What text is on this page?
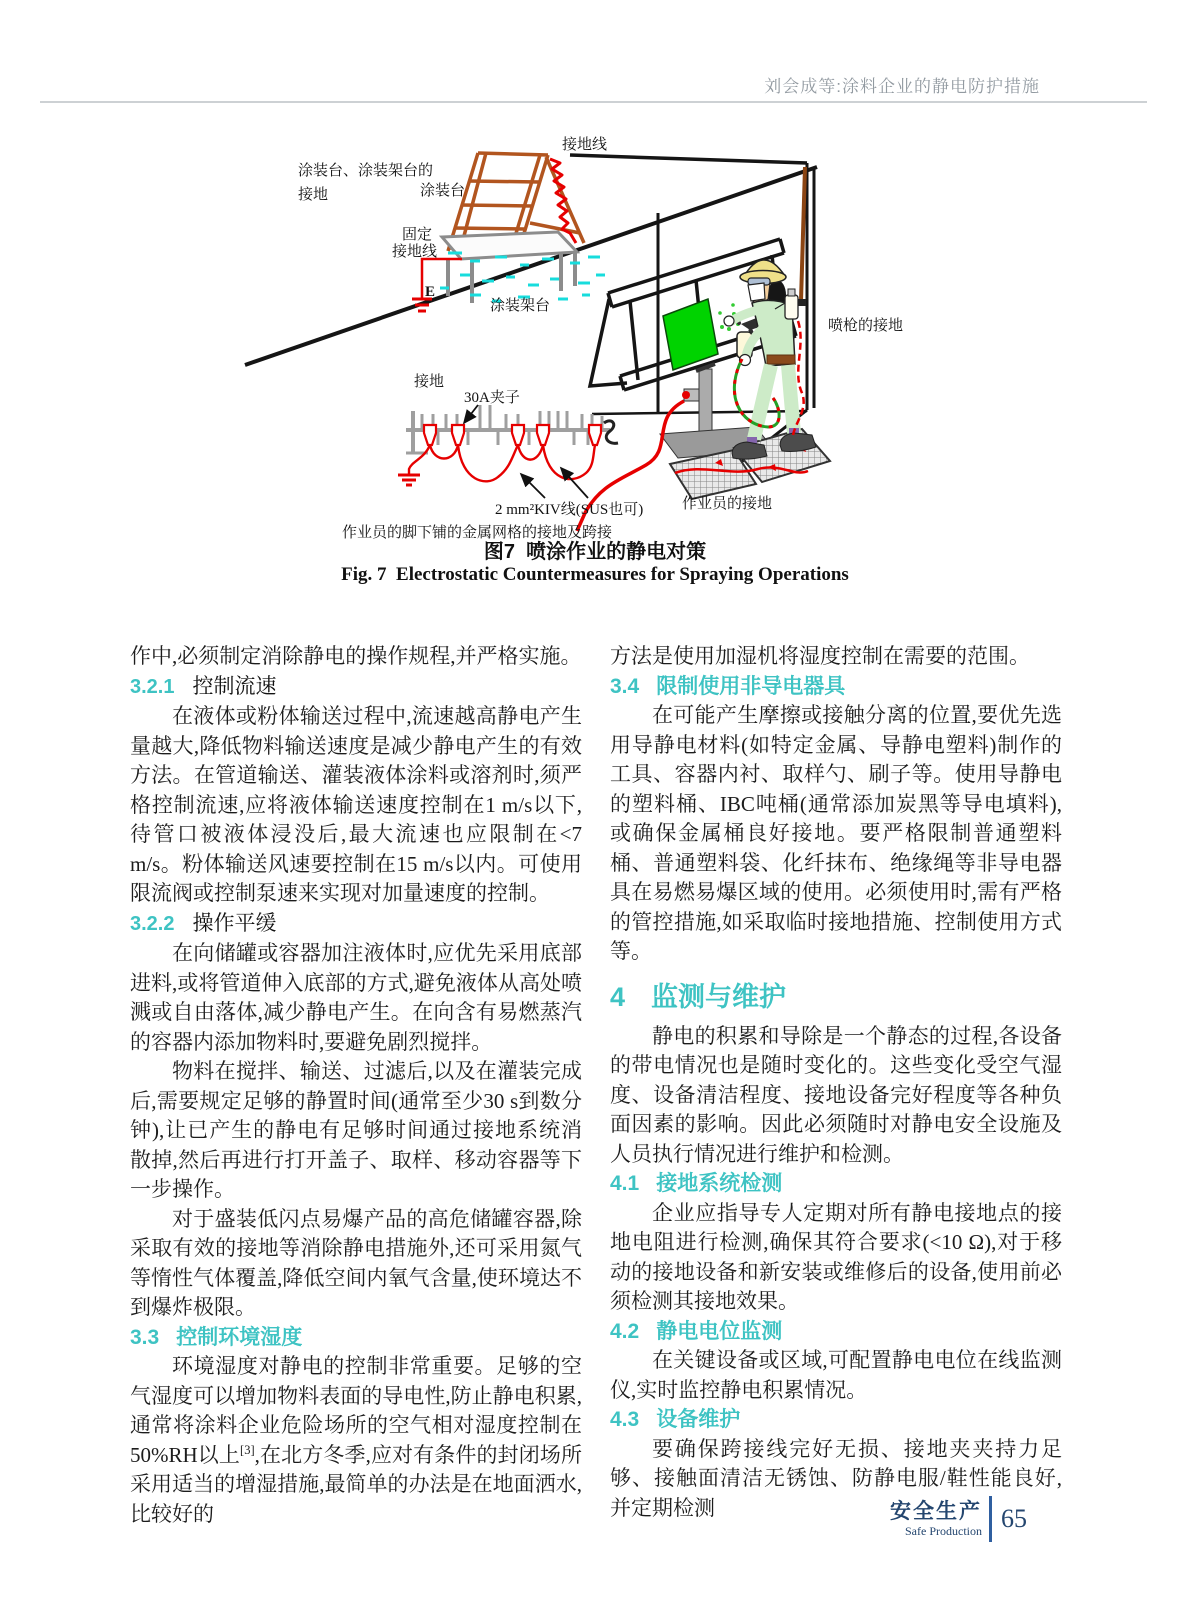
刘会成等:涂料企业的静电防护措施
涂装台、涂装架台的
接地	涂装台
接地线
固定
接地线
涂装架台
E
喷枪的接地
接地
30A夹子
2 mm²KIV线(SUS也可)	作业员的接地
作业员的脚下铺的金属网格的接地及跨接
图7  喷涂作业的静电对策
Fig. 7  Electrostatic Countermeasures for Spraying Operations

作中,必须制定消除静电的操作规程,并严格实施。

3.2.1 控制流速

在液体或粉体输送过程中,流速越高静电产生量越大,降低物料输送速度是减少静电产生的有效方法。在管道输送、灌装液体涂料或溶剂时,须严格控制流速,应将液体输送速度控制在1 m/s以下,待管口被液体浸没后,最大流速也应限制在<7 m/s。粉体输送风速要控制在15 m/s以内。可使用限流阀或控制泵速来实现对加量速度的控制。

3.2.2 操作平缓

在向储罐或容器加注液体时,应优先采用底部进料,或将管道伸入底部的方式,避免液体从高处喷溅或自由落体,减少静电产生。在向含有易燃蒸汽的容器内添加物料时,要避免剧烈搅拌。

物料在搅拌、输送、过滤后,以及在灌装完成后,需要规定足够的静置时间(通常至少30 s到数分钟),让已产生的静电有足够时间通过接地系统消散掉,然后再进行打开盖子、取样、移动容器等下一步操作。

对于盛装低闪点易爆产品的高危储罐容器,除采取有效的接地等消除静电措施外,还可采用氮气等惰性气体覆盖,降低空间内氧气含量,使环境达不到爆炸极限。

3.3 控制环境湿度

环境湿度对静电的控制非常重要。足够的空气湿度可以增加物料表面的导电性,防止静电积累,通常将涂料企业危险场所的空气相对湿度控制在50%RH以上[3],在北方冬季,应对有条件的封闭场所采用适当的增湿措施,最简单的办法是在地面洒水,比较好的

方法是使用加湿机将湿度控制在需要的范围。

3.4 限制使用非导电器具

在可能产生摩擦或接触分离的位置,要优先选用导静电材料(如特定金属、导静电塑料)制作的工具、容器内衬、取样勺、刷子等。使用导静电的塑料桶、IBC吨桶(通常添加炭黑等导电填料),或确保金属桶良好接地。要严格限制普通塑料桶、普通塑料袋、化纤抹布、绝缘绳等非导电器具在易燃易爆区域的使用。必须使用时,需有严格的管控措施,如采取临时接地措施、控制使用方式等。

4 监测与维护

静电的积累和导除是一个静态的过程,各设备的带电情况也是随时变化的。这些变化受空气湿度、设备清洁程度、接地设备完好程度等各种负面因素的影响。因此必须随时对静电安全设施及人员执行情况进行维护和检测。

4.1 接地系统检测

企业应指导专人定期对所有静电接地点的接地电阻进行检测,确保其符合要求(<10 Ω),对于移动的接地设备和新安装或维修后的设备,使用前必须检测其接地效果。

4.2 静电电位监测

在关键设备或区域,可配置静电电位在线监测仪,实时监控静电积累情况。

4.3 设备维护

要确保跨接线完好无损、接地夹夹持力足够、接触面清洁无锈蚀、防静电服/鞋性能良好,并定期检测	安全生产
Safe Production 65
